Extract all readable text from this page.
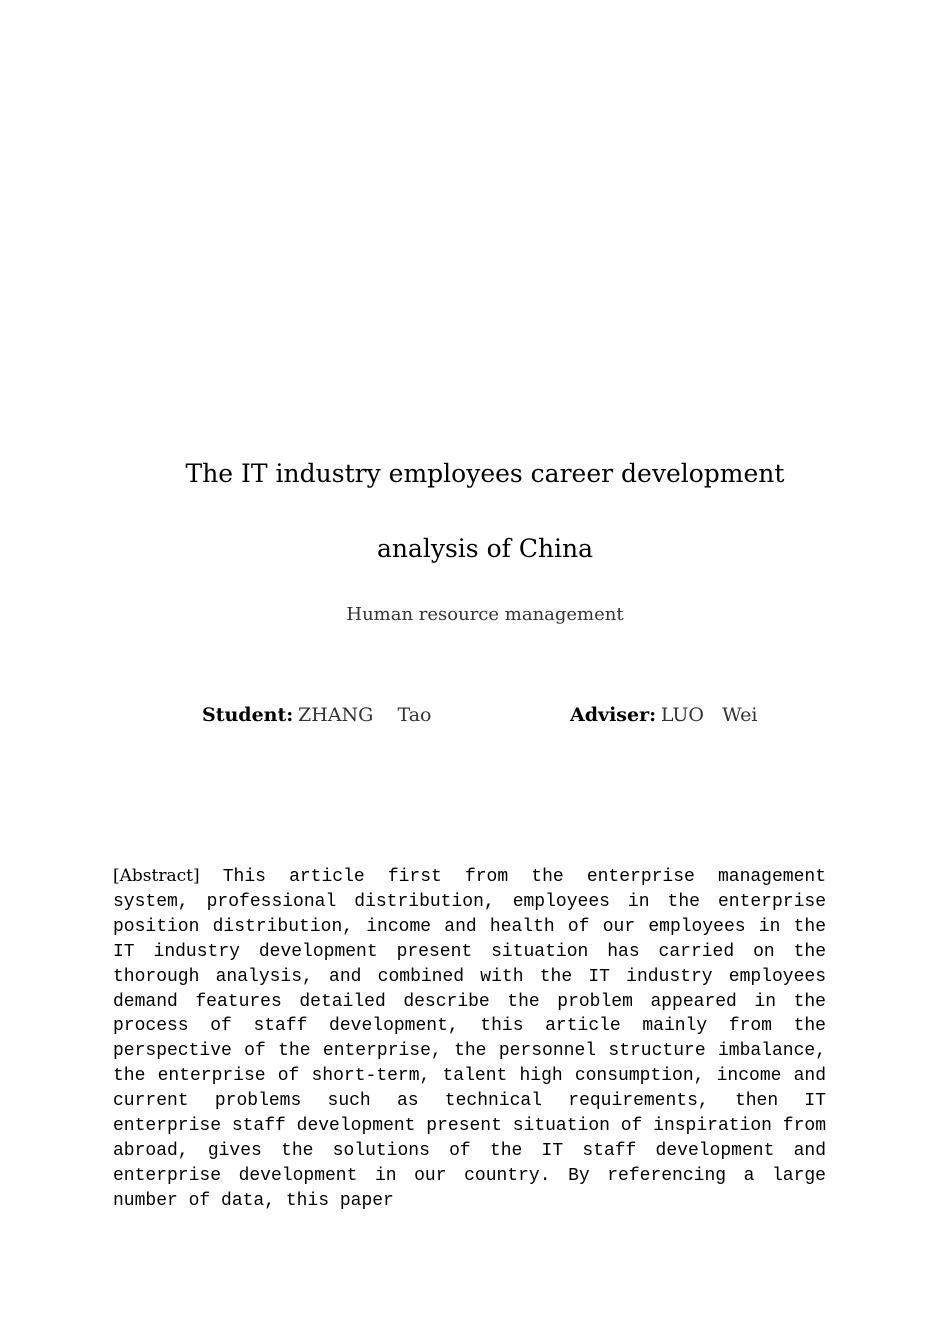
The IT industry employees career development
analysis of China
Human resource management
Student: ZHANG    Tao	Adviser: LUO   Wei

[Abstract] This article first from the enterprise management system, professional distribution, employees in the enterprise position distribution, income and health of our employees in the IT industry development present situation has carried on the thorough analysis, and combined with the IT industry employees demand features detailed describe the problem appeared in the process of staff development, this article mainly from the perspective of the enterprise, the personnel structure imbalance, the enterprise of short-term, talent high consumption, income and current problems such as technical requirements, then IT enterprise staff development present situation of inspiration from abroad, gives the solutions of the IT staff development and enterprise development in our country. By referencing a large number of data, this paper
